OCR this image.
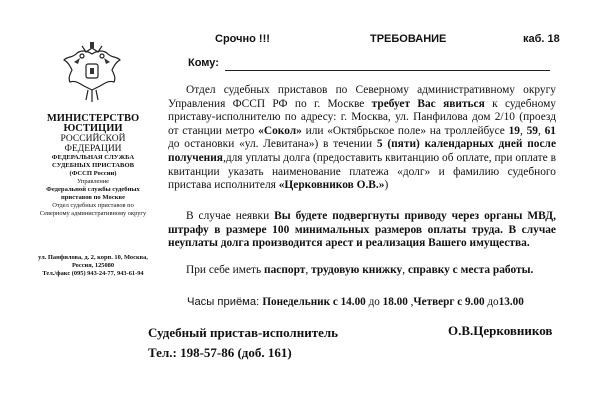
МИНИСТЕРСТВО
ЮСТИЦИИ
РОССИЙСКОЙ
ФЕДЕРАЦИИ
ФЕДЕРАЛЬНАЯ СЛУЖБА
СУДЕБНЫХ ПРИСТАВОВ
(ФССП России)
Управление
Федеральной службы судебных
приставов по Москве
Отдел судебных приставов по
Северному административному округу
ул. Панфилова, д. 2, корп. 10, Москва,
Россия, 125080
Тел./факс (095) 943-24-77, 943-61-94
Срочно !!!	ТРЕБОВАНИЕ	каб. 18
Кому:
Отдел судебных приставов по Северному административному округу Управления ФССП РФ по г. Москве требует Вас явиться к судебному приставу-исполнителю по адресу: г. Москва, ул. Панфилова дом 2/10 (проезд от станции метро «Сокол» или «Октябрьское поле» на троллейбусе 19, 59, 61 до остановки «ул. Левитана») в течении 5 (пяти) календарных дней после получения,для уплаты долга (предоставить квитанцию об оплате, при оплате в квитанции указать наименование платежа «долг» и фамилию судебного пристава исполнителя «Церковников О.В.»)
В случае неявки Вы будете подвергнуты приводу через органы МВД, штрафу в размере 100 минимальных размеров оплаты труда. В случае неуплаты долга производится арест и реализация Вашего имущества.
При себе иметь паспорт, трудовую книжку, справку с места работы.
Часы приёма: Понедельник с 14.00 до 18.00 ,Четверг с 9.00 до13.00
Судебный пристав-исполнитель
Тел.: 198-57-86 (доб. 161)
О.В.Церковников
